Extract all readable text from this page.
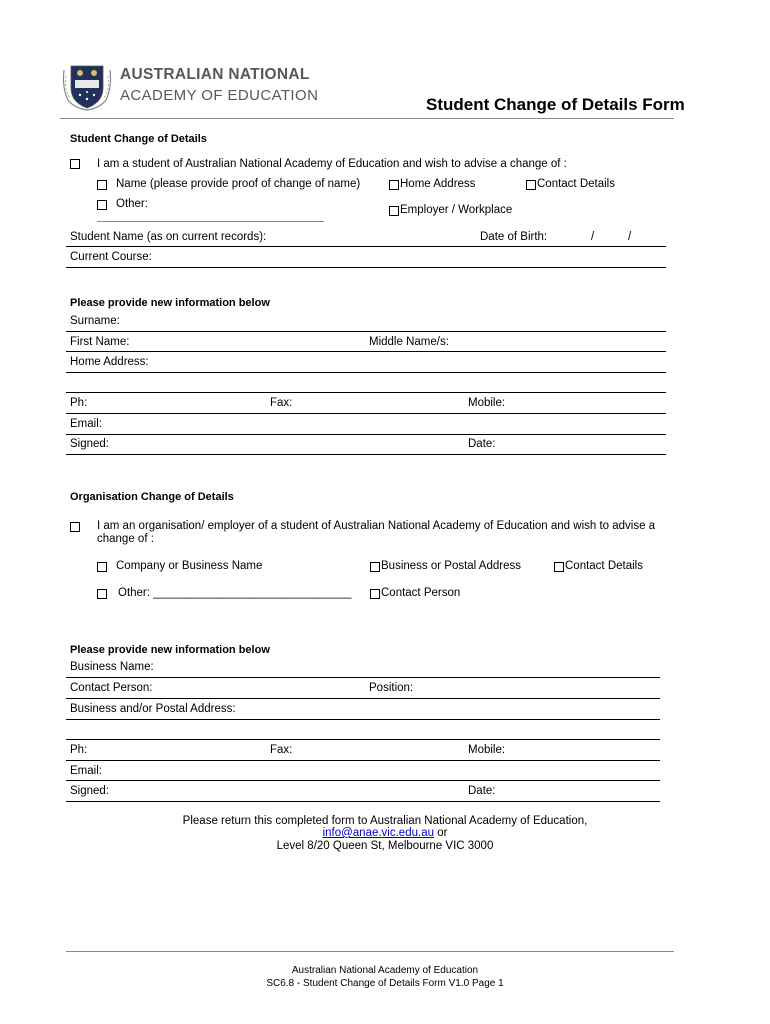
AUSTRALIAN NATIONAL
ACADEMY OF EDUCATION	Student Change of Details Form
Student Change of Details
I am a student of Australian National Academy of Education and wish to advise a change of :
Name (please provide proof of change of name)	Home Address	Contact Details
Other:	Employer / Workplace
Student Name (as on current records):	Date of Birth:	/	/
Current Course:
Please provide new information below
Surname:
First Name:	Middle Name/s:
Home Address:
Ph:	Fax:	Mobile:
Email:
Signed:	Date:
Organisation Change of Details
I am an organisation/ employer of a student of Australian National Academy of Education and wish to advise a
change of :
Company or Business Name	Business or Postal Address	Contact Details
Other: _______________________________	Contact Person
Please provide new information below
Business Name:
Contact Person:	Position:
Business and/or Postal Address:
Ph:	Fax:	Mobile:
Email:
Signed:	Date:
Please return this completed form to Australian National Academy of Education,
info@anae.vic.edu.au or
Level 8/20 Queen St, Melbourne VIC 3000
Australian National Academy of Education
SC6.8 - Student Change of Details Form V1.0 Page 1
